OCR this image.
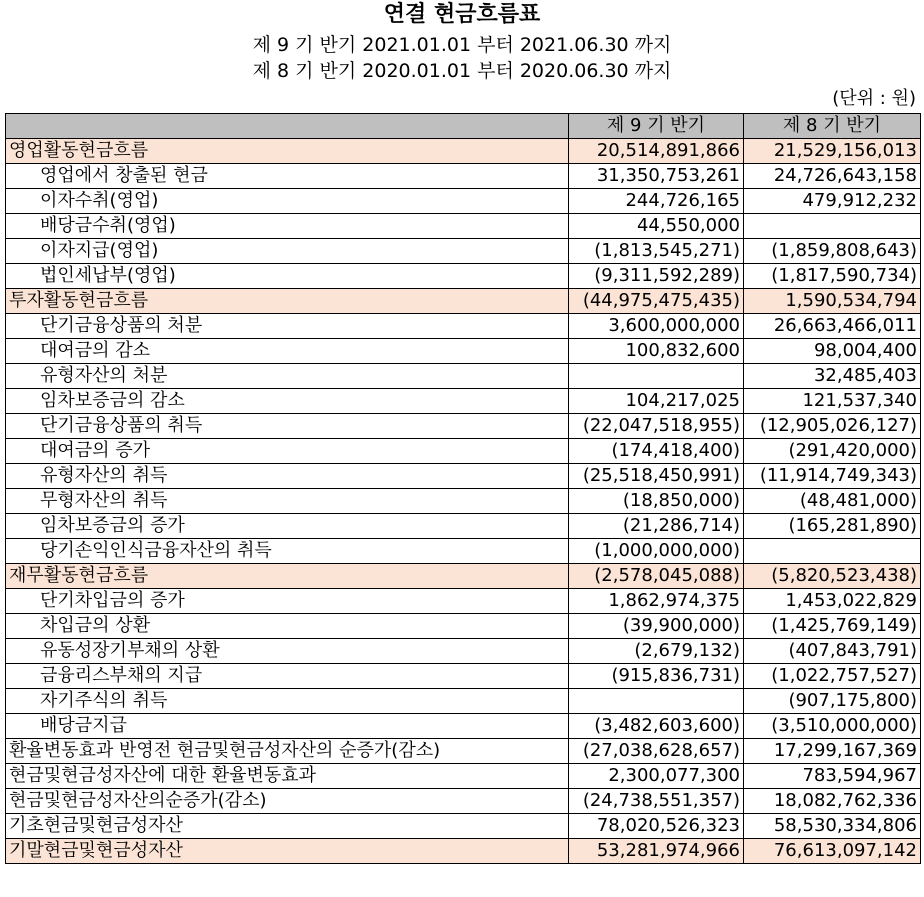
연결 현금흐름표
제 9 기 반기 2021.01.01 부터 2021.06.30 까지
제 8 기 반기 2020.01.01 부터 2020.06.30 까지
(단위 : 원)
	제 9 기 반기	제 8 기 반기
영업활동현금흐름	20,514,891,866	21,529,156,013
영업에서 창출된 현금	31,350,753,261	24,726,643,158
이자수취(영업)	244,726,165	479,912,232
배당금수취(영업)	44,550,000	
이자지급(영업)	(1,813,545,271)	(1,859,808,643)
법인세납부(영업)	(9,311,592,289)	(1,817,590,734)
투자활동현금흐름	(44,975,475,435)	1,590,534,794
단기금융상품의 처분	3,600,000,000	26,663,466,011
대여금의 감소	100,832,600	98,004,400
유형자산의 처분		32,485,403
임차보증금의 감소	104,217,025	121,537,340
단기금융상품의 취득	(22,047,518,955)	(12,905,026,127)
대여금의 증가	(174,418,400)	(291,420,000)
유형자산의 취득	(25,518,450,991)	(11,914,749,343)
무형자산의 취득	(18,850,000)	(48,481,000)
임차보증금의 증가	(21,286,714)	(165,281,890)
당기손익인식금융자산의 취득	(1,000,000,000)	
재무활동현금흐름	(2,578,045,088)	(5,820,523,438)
단기차입금의 증가	1,862,974,375	1,453,022,829
차입금의 상환	(39,900,000)	(1,425,769,149)
유동성장기부채의 상환	(2,679,132)	(407,843,791)
금융리스부채의 지급	(915,836,731)	(1,022,757,527)
자기주식의 취득		(907,175,800)
배당금지급	(3,482,603,600)	(3,510,000,000)
환율변동효과 반영전 현금및현금성자산의 순증가(감소)	(27,038,628,657)	17,299,167,369
현금및현금성자산에 대한 환율변동효과	2,300,077,300	783,594,967
현금및현금성자산의순증가(감소)	(24,738,551,357)	18,082,762,336
기초현금및현금성자산	78,020,526,323	58,530,334,806
기말현금및현금성자산	53,281,974,966	76,613,097,142
